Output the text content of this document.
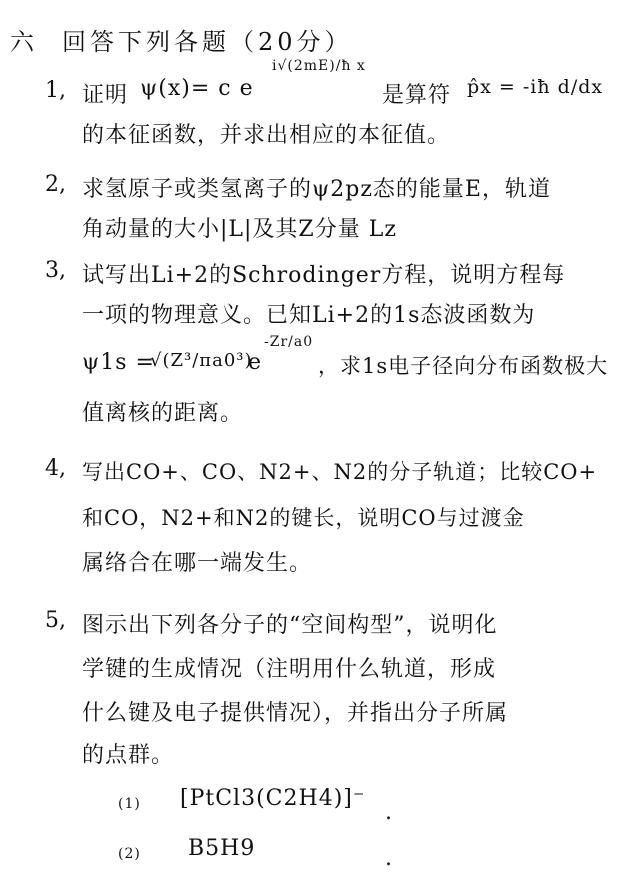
六 回答下列各题（20分）
1, 证明 ψ(x)= c e
i√(2mE)/ħ x
是算符 p̂x = -iħ d/dx
的本征函数，并求出相应的本征值。
2, 求氢原子或类氢离子的ψ2pz态的能量E，轨道
角动量的大小|L|及其Z分量 Lz
3, 试写出Li+2的Schrodinger方程，说明方程每
一项的物理意义。已知Li+2的1s态波函数为
ψ1s =
√(Z³/πa0³)
e
-Zr/a0
，求1s电子径向分布函数极大
值离核的距离。
4, 写出CO+、CO、N2+、N2的分子轨道；比较CO+
和CO，N2+和N2的键长，说明CO与过渡金
属络合在哪一端发生。
5, 图示出下列各分子的“空间构型”，说明化
学键的生成情况（注明用什么轨道，形成
什么键及电子提供情况），并指出分子所属
的点群。
(1) [PtCl3(C2H4)]⁻
.
(2) B5H9	.
